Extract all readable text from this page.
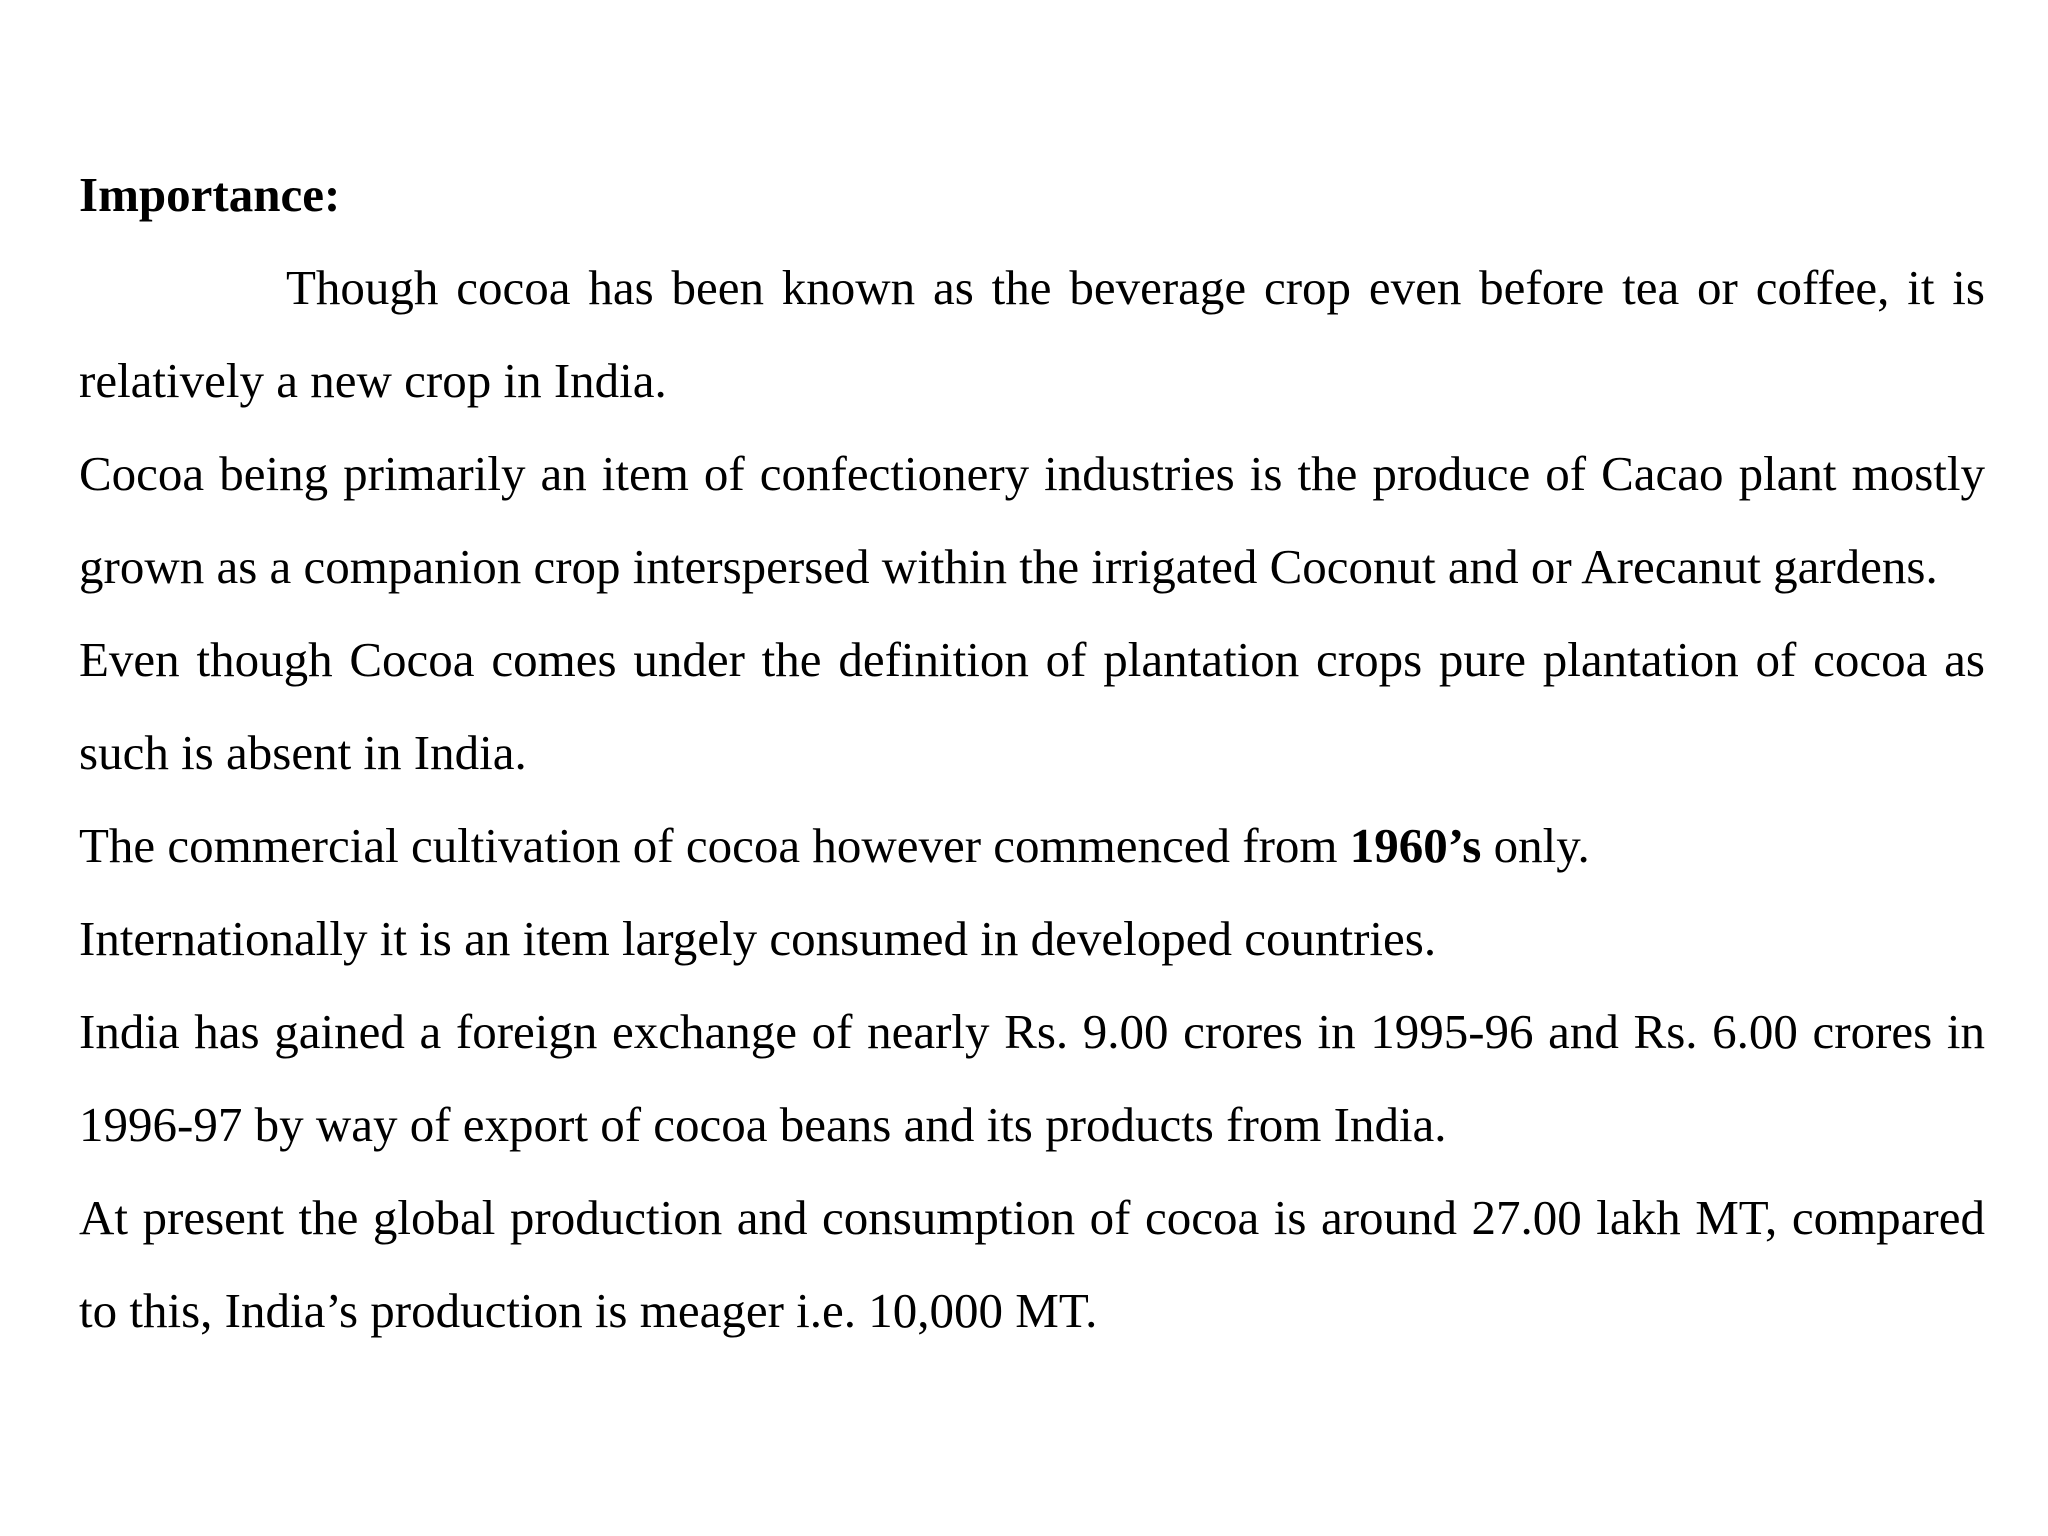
Importance:

Though cocoa has been known as the beverage crop even before tea or coffee, it is relatively a new crop in India.

Cocoa being primarily an item of confectionery industries is the produce of Cacao plant mostly grown as a companion crop interspersed within the irrigated Coconut and or Arecanut gardens.

Even though Cocoa comes under the definition of plantation crops pure plantation of cocoa as such is absent in India.

The commercial cultivation of cocoa however commenced from 1960’s only.

Internationally it is an item largely consumed in developed countries.

India has gained a foreign exchange of nearly Rs. 9.00 crores in 1995-96 and Rs. 6.00 crores in 1996-97 by way of export of cocoa beans and its products from India.

At present the global production and consumption of cocoa is around 27.00 lakh MT, compared to this, India’s production is meager i.e. 10,000 MT.
